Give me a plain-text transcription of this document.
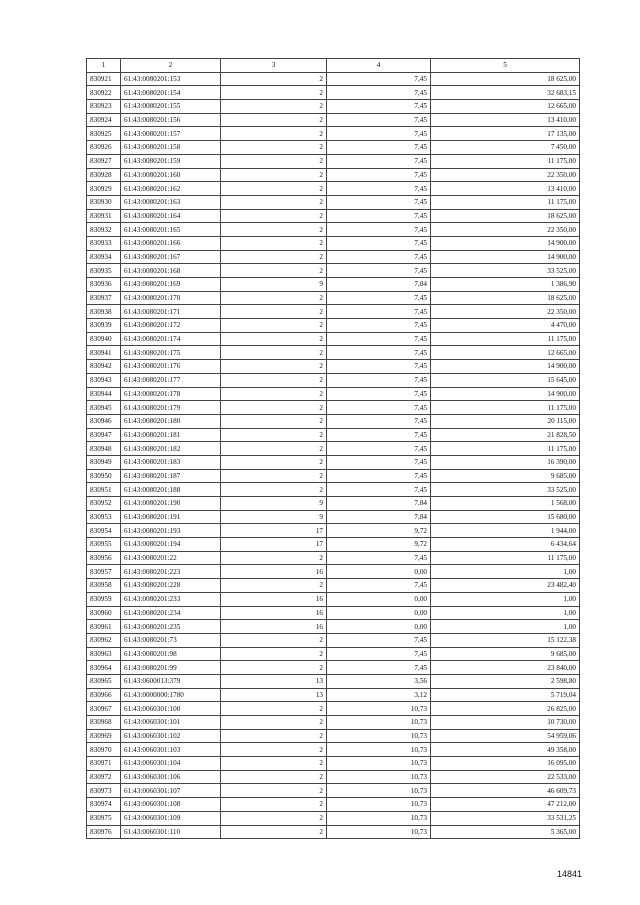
1	2	3	4	5
830921	61:43:0080201:153	2	7,45	18 625,00
830922	61:43:0080201:154	2	7,45	32 683,15
830923	61:43:0080201:155	2	7,45	12 665,00
830924	61:43:0080201:156	2	7,45	13 410,00
830925	61:43:0080201:157	2	7,45	17 135,00
830926	61:43:0080201:158	2	7,45	7 450,00
830927	61:43:0080201:159	2	7,45	11 175,00
830928	61:43:0080201:160	2	7,45	22 350,00
830929	61:43:0080201:162	2	7,45	13 410,00
830930	61:43:0080201:163	2	7,45	11 175,00
830931	61:43:0080201:164	2	7,45	18 625,00
830932	61:43:0080201:165	2	7,45	22 350,00
830933	61:43:0080201:166	2	7,45	14 900,00
830934	61:43:0080201:167	2	7,45	14 900,00
830935	61:43:0080201:168	2	7,45	33 525,00
830936	61:43:0080201:169	9	7,84	1 386,90
830937	61:43:0080201:170	2	7,45	18 625,00
830938	61:43:0080201:171	2	7,45	22 350,00
830939	61:43:0080201:172	2	7,45	4 470,00
830940	61:43:0080201:174	2	7,45	11 175,00
830941	61:43:0080201:175	2	7,45	12 665,00
830942	61:43:0080201:176	2	7,45	14 900,00
830943	61:43:0080201:177	2	7,45	15 645,00
830944	61:43:0080201:178	2	7,45	14 900,00
830945	61:43:0080201:179	2	7,45	11 175,00
830946	61:43:0080201:180	2	7,45	20 115,00
830947	61:43:0080201:181	2	7,45	21 828,50
830948	61:43:0080201:182	2	7,45	11 175,00
830949	61:43:0080201:183	2	7,45	16 390,00
830950	61:43:0080201:187	2	7,45	9 685,00
830951	61:43:0080201:188	2	7,45	33 525,00
830952	61:43:0080201:190	9	7,84	1 568,00
830953	61:43:0080201:191	9	7,84	15 680,00
830954	61:43:0080201:193	17	9,72	1 944,00
830955	61:43:0080201:194	17	9,72	6 434,64
830956	61:43:0080201:22	2	7,45	11 175,00
830957	61:43:0080201:223	16	0,00	1,00
830958	61:43:0080201:228	2	7,45	23 482,40
830959	61:43:0080201:233	16	0,00	1,00
830960	61:43:0080201:234	16	0,00	1,00
830961	61:43:0080201:235	16	0,00	1,00
830962	61:43:0080201:73	2	7,45	15 122,38
830963	61:43:0080201:98	2	7,45	9 685,00
830964	61:43:0080201:99	2	7,45	23 840,00
830965	61:43:0600013:379	13	3,56	2 598,80
830966	61:43:0000000:1780	13	3,12	5 719,04
830967	61:43:0060301:100	2	10,73	26 825,00
830968	61:43:0060301:101	2	10,73	10 730,00
830969	61:43:0060301:102	2	10,73	54 959,06
830970	61:43:0060301:103	2	10,73	49 358,00
830971	61:43:0060301:104	2	10,73	16 095,00
830972	61:43:0060301:106	2	10,73	22 533,00
830973	61:43:0060301:107	2	10,73	46 609,73
830974	61:43:0060301:108	2	10,73	47 212,00
830975	61:43:0060301:109	2	10,73	33 531,25
830976	61:43:0060301:110	2	10,73	5 365,00
14841
